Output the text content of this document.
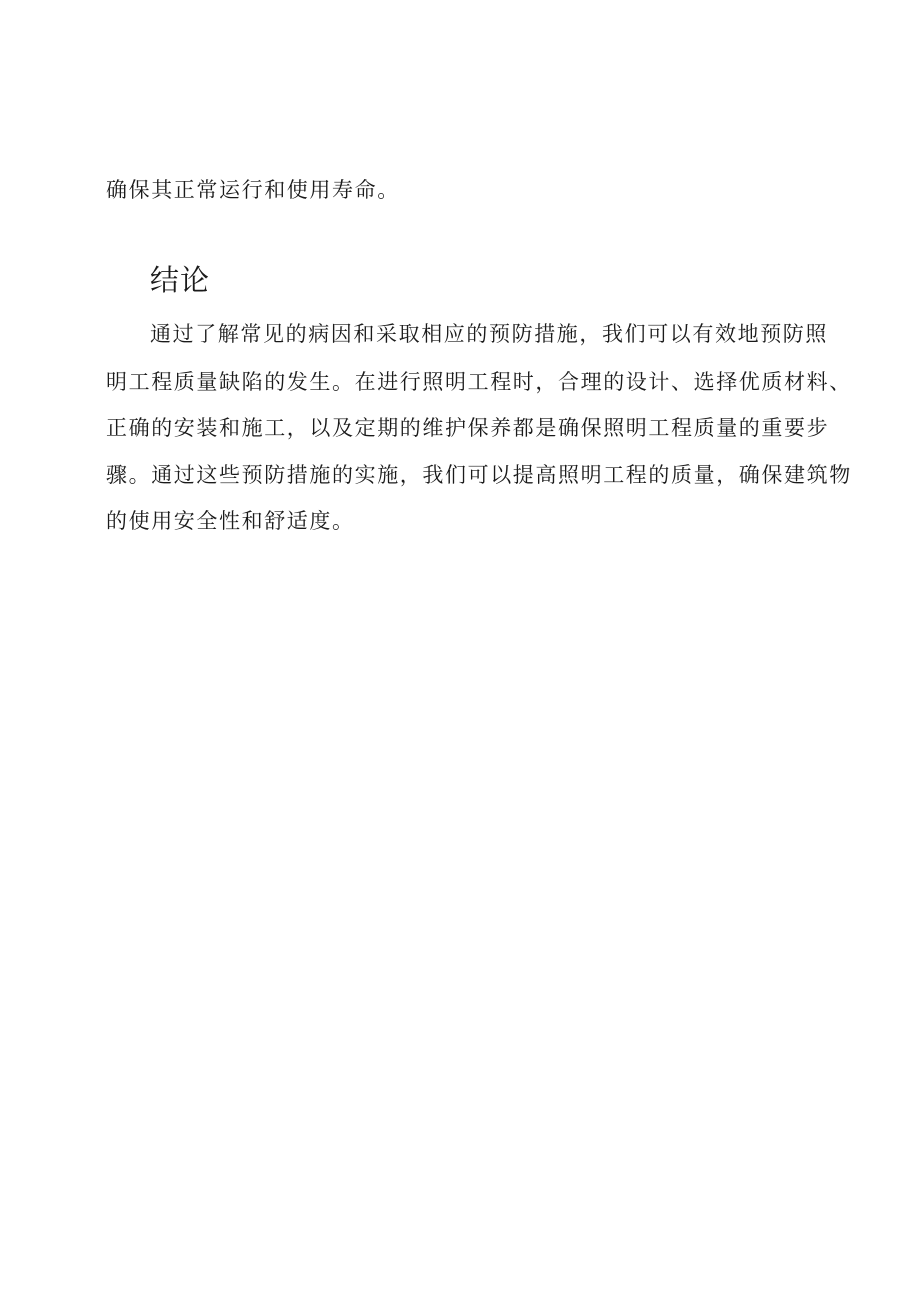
确保其正常运行和使用寿命。
结论
通过了解常见的病因和采取相应的预防措施，我们可以有效地预防照
明工程质量缺陷的发生。在进行照明工程时，合理的设计、选择优质材料、
正确的安装和施工，以及定期的维护保养都是确保照明工程质量的重要步
骤。通过这些预防措施的实施，我们可以提高照明工程的质量，确保建筑物
的使用安全性和舒适度。
